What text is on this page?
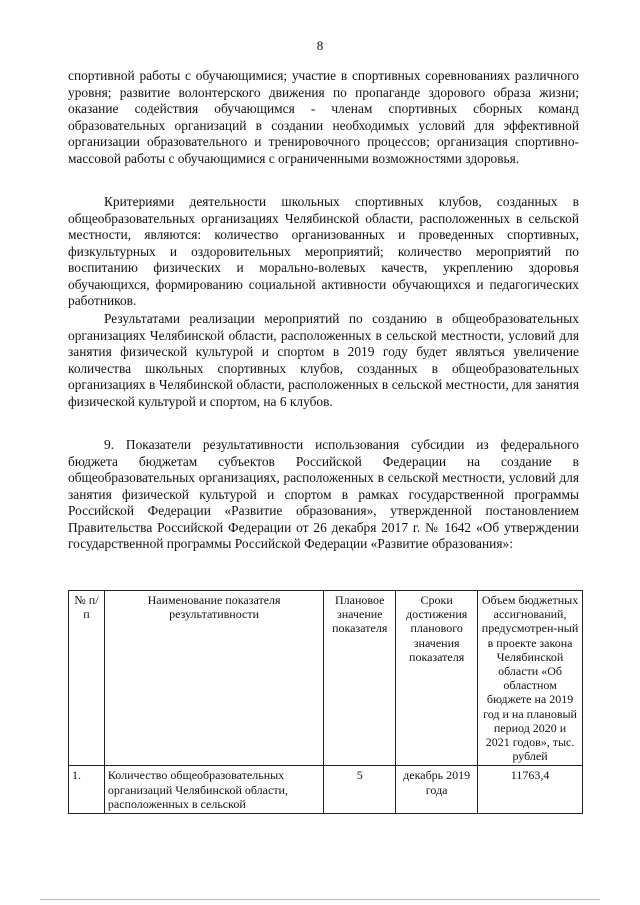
8

спортивной работы с обучающимися; участие в спортивных соревнованиях различного уровня; развитие волонтерского движения по пропаганде здорового образа жизни; оказание содействия обучающимся - членам спортивных сборных команд образовательных организаций в создании необходимых условий для эффективной организации образовательного и тренировочного процессов; организация спортивно-массовой работы с обучающимися с ограниченными возможностями здоровья.

Критериями деятельности школьных спортивных клубов, созданных в общеобразовательных организациях Челябинской области, расположенных в сельской местности, являются: количество организованных и проведенных спортивных, физкультурных и оздоровительных мероприятий; количество мероприятий по воспитанию физических и морально-волевых качеств, укреплению здоровья обучающихся, формированию социальной активности обучающихся и педагогических работников.

Результатами реализации мероприятий по созданию в общеобразовательных организациях Челябинской области, расположенных в сельской местности, условий для занятия физической культурой и спортом в 2019 году будет являться увеличение количества школьных спортивных клубов, созданных в общеобразовательных организациях в Челябинской области, расположенных в сельской местности, для занятия физической культурой и спортом, на 6 клубов.

9. Показатели результативности использования субсидии из федерального бюджета бюджетам субъектов Российской Федерации на создание в общеобразовательных организациях, расположенных в сельской местности, условий для занятия физической культурой и спортом в рамках государственной программы Российской Федерации «Развитие образования», утвержденной постановлением Правительства Российской Федерации от 26 декабря 2017 г. № 1642 «Об утверждении государственной программы Российской Федерации «Развитие образования»:

№ п/п	Наименование показателя результативности	Плановое значение показателя	Сроки достижения планового значения показателя	Объем бюджетных ассигнований, предусмотрен-ный в проекте закона Челябинской области «Об областном бюджете на 2019 год и на плановый период 2020 и 2021 годов», тыс. рублей
1.	Количество общеобразовательных организаций Челябинской области, расположенных в сельской	5	декабрь 2019 года	11763,4
